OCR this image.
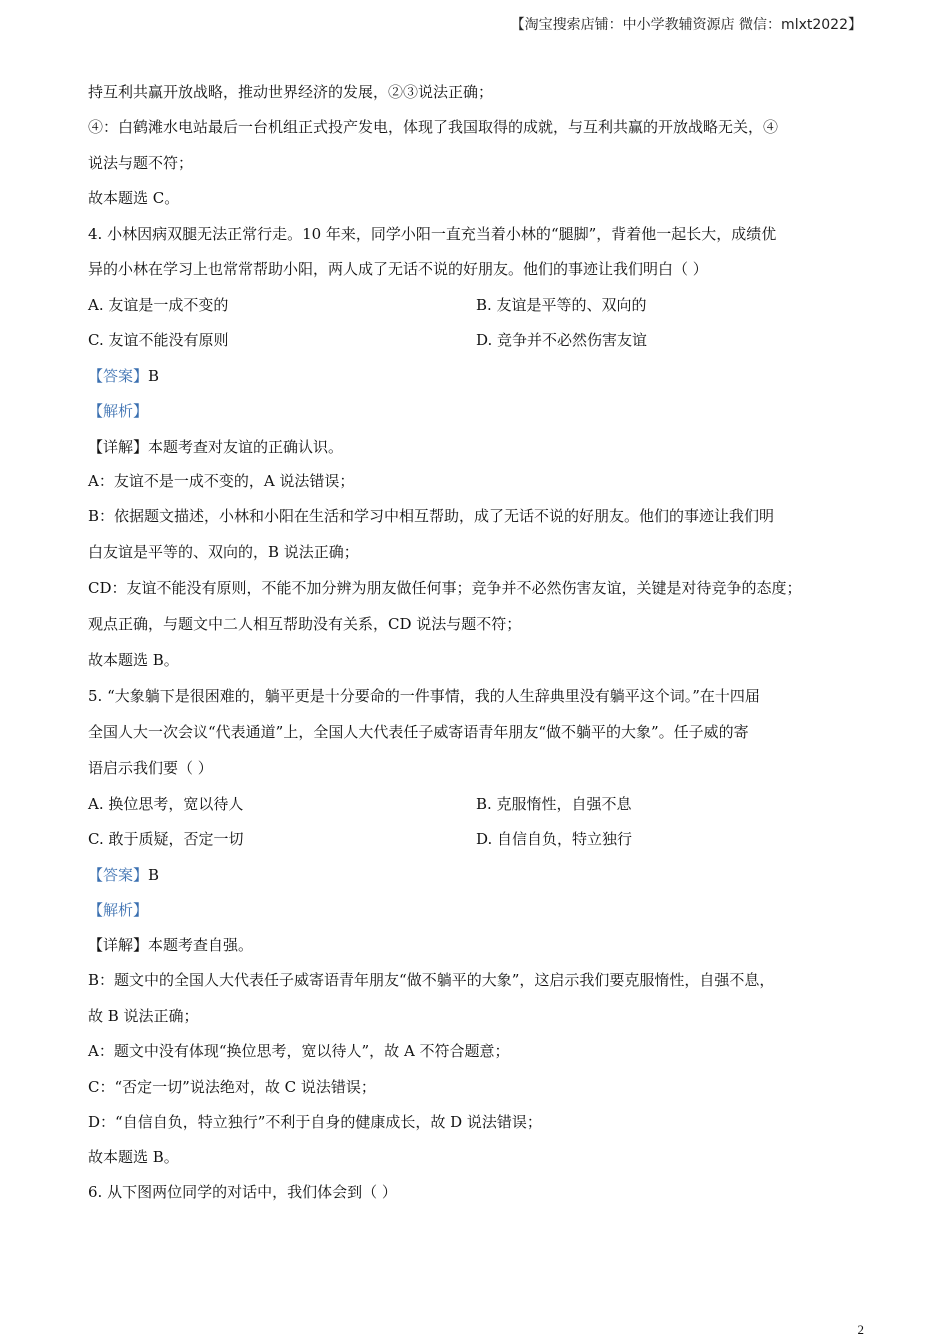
【淘宝搜索店铺：中小学教辅资源店 微信：mlxt2022】
持互利共赢开放战略，推动世界经济的发展，②③说法正确；
④：白鹤滩水电站最后一台机组正式投产发电，体现了我国取得的成就，与互利共赢的开放战略无关，④
说法与题不符；
故本题选 C。
4. 小林因病双腿无法正常行走。10 年来，同学小阳一直充当着小林的“腿脚”，背着他一起长大，成绩优
异的小林在学习上也常常帮助小阳，两人成了无话不说的好朋友。他们的事迹让我们明白（ ）
A. 友谊是一成不变的	B. 友谊是平等的、双向的
C. 友谊不能没有原则	D. 竞争并不必然伤害友谊
【答案】B
【解析】
【详解】本题考查对友谊的正确认识。
A：友谊不是一成不变的，A 说法错误；
B：依据题文描述，小林和小阳在生活和学习中相互帮助，成了无话不说的好朋友。他们的事迹让我们明
白友谊是平等的、双向的，B 说法正确；
CD：友谊不能没有原则，不能不加分辨为朋友做任何事；竞争并不必然伤害友谊，关键是对待竞争的态度；
观点正确，与题文中二人相互帮助没有关系，CD 说法与题不符；
故本题选 B。
5. “大象躺下是很困难的，躺平更是十分要命的一件事情，我的人生辞典里没有躺平这个词。”在十四届
全国人大一次会议“代表通道”上，全国人大代表任子威寄语青年朋友“做不躺平的大象”。任子威的寄
语启示我们要（ ）
A. 换位思考，宽以待人	B. 克服惰性，自强不息
C. 敢于质疑，否定一切	D. 自信自负，特立独行
【答案】B
【解析】
【详解】本题考查自强。
B：题文中的全国人大代表任子威寄语青年朋友“做不躺平的大象”，这启示我们要克服惰性，自强不息，
故 B 说法正确；
A：题文中没有体现“换位思考，宽以待人”，故 A 不符合题意；
C：“否定一切”说法绝对，故 C 说法错误；
D：“自信自负，特立独行”不利于自身的健康成长，故 D 说法错误；
故本题选 B。
6. 从下图两位同学的对话中，我们体会到（ ）
2
